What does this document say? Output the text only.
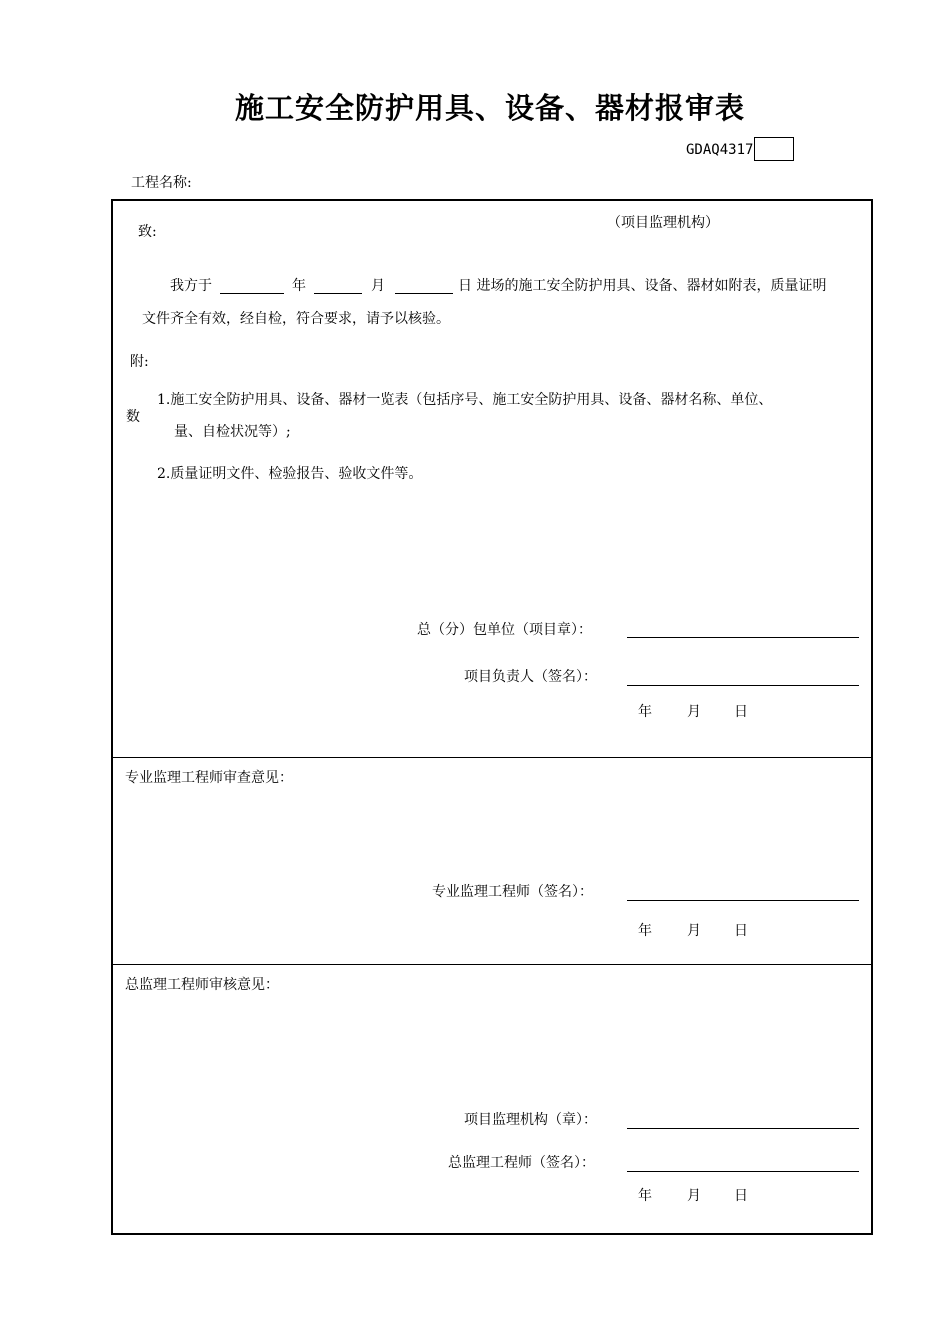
施工安全防护用具、设备、器材报审表
GDAQ4317
工程名称:
致:
（项目监理机构）
我方于	年	月	日 进场的施工安全防护用具、设备、器材如附表，质量证明
文件齐全有效，经自检，符合要求，请予以核验。
附:
1.施工安全防护用具、设备、器材一览表（包括序号、施工安全防护用具、设备、器材名称、单位、
数
量、自检状况等）;
2.质量证明文件、检验报告、验收文件等。
总（分）包单位（项目章）：
项目负责人（签名）：
年	月 日
专业监理工程师审查意见：
专业监理工程师（签名）：
年	月 日
总监理工程师审核意见：
项目监理机构（章）：
总监理工程师（签名）：
年	月 日
